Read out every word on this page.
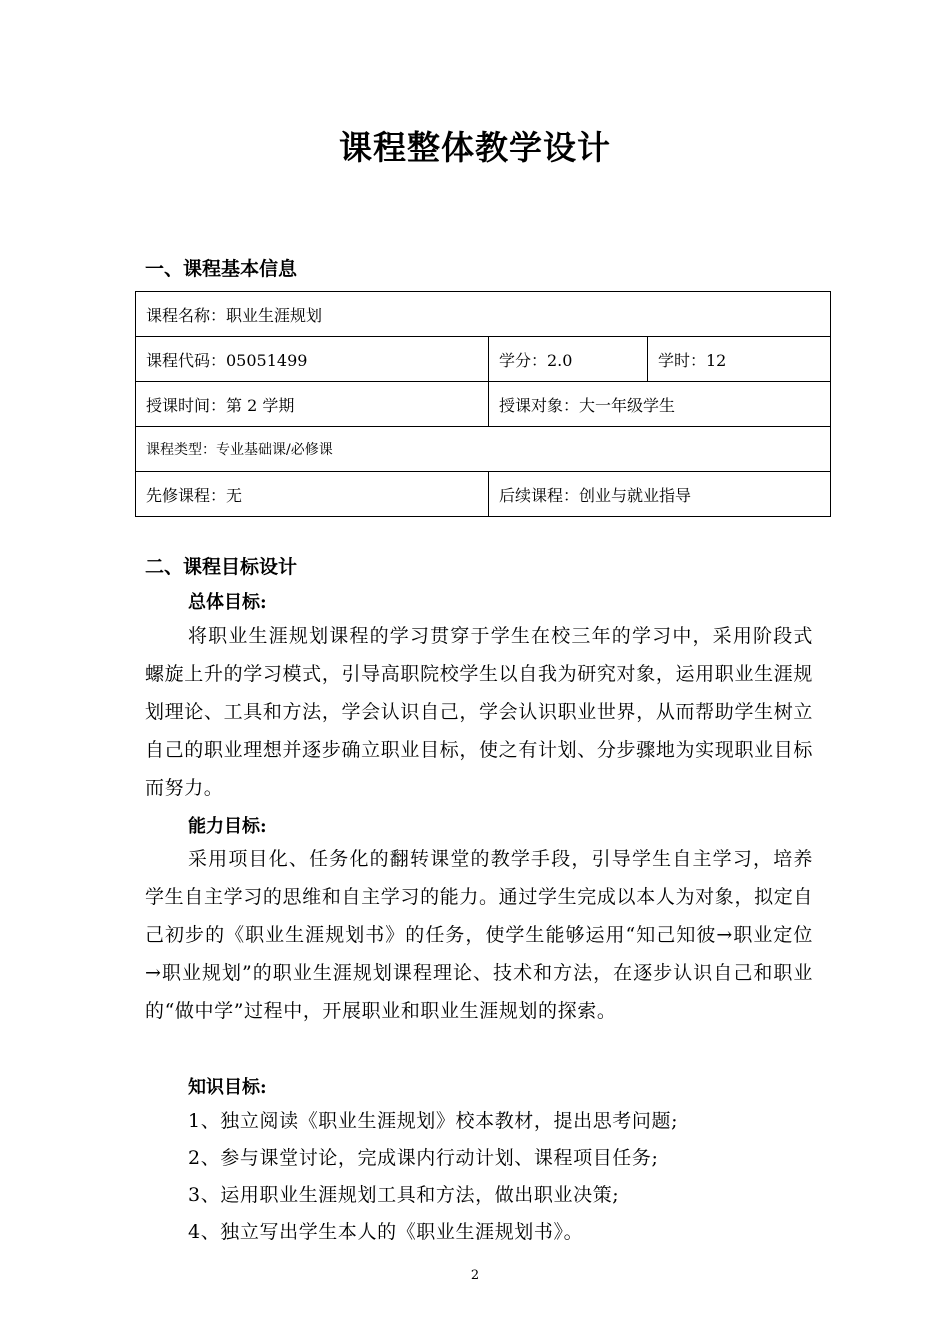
课程整体教学设计
一、课程基本信息
课程名称：职业生涯规划		
课程代码：05051499	学分：2.0	学时：12
授课时间：第 2 学期	授课对象：大一年级学生	
课程类型：专业基础课/必修课		
先修课程：无	后续课程：创业与就业指导	
二、课程目标设计
总体目标:
将职业生涯规划课程的学习贯穿于学生在校三年的学习中，采用阶段式螺旋上升的学习模式，引导高职院校学生以自我为研究对象，运用职业生涯规划理论、工具和方法，学会认识自己，学会认识职业世界，从而帮助学生树立自己的职业理想并逐步确立职业目标，使之有计划、分步骤地为实现职业目标而努力。
能力目标:
采用项目化、任务化的翻转课堂的教学手段，引导学生自主学习，培养学生自主学习的思维和自主学习的能力。通过学生完成以本人为对象，拟定自己初步的《职业生涯规划书》的任务，使学生能够运用“知己知彼→职业定位→职业规划”的职业生涯规划课程理论、技术和方法，在逐步认识自己和职业的“做中学”过程中，开展职业和职业生涯规划的探索。
知识目标:
1、独立阅读《职业生涯规划》校本教材，提出思考问题;
2、参与课堂讨论，完成课内行动计划、课程项目任务;
3、运用职业生涯规划工具和方法，做出职业决策;
4、独立写出学生本人的《职业生涯规划书》。
2
